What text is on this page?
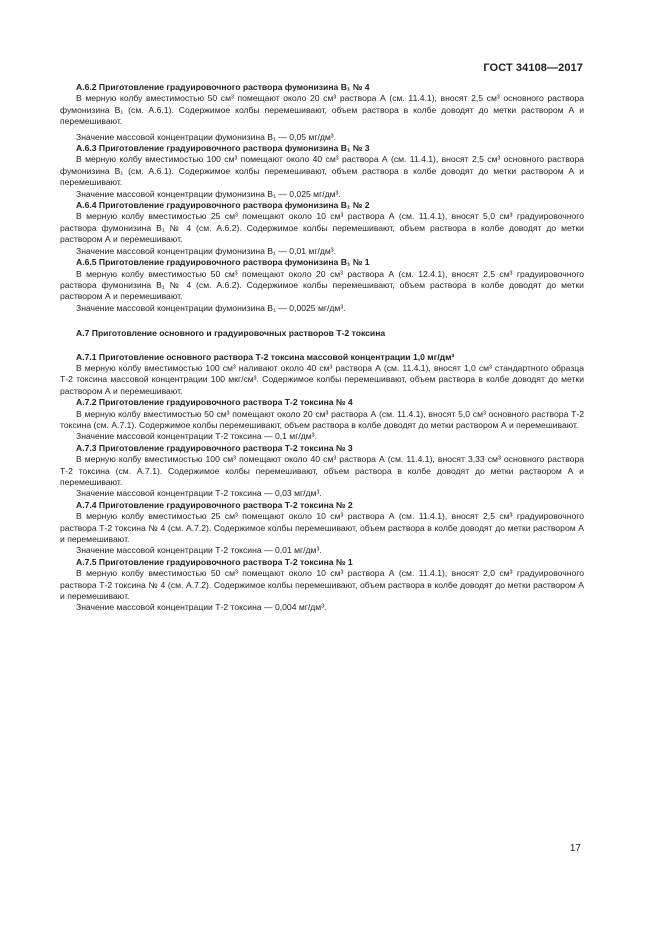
ГОСТ 34108—2017
А.6.2 Приготовление градуировочного раствора фумонизина В₁ № 4
В мерную колбу вместимостью 50 см³ помещают около 20 см³ раствора А (см. 11.4.1), вносят 2,5 см³ основного раствора фумонизина В₁ (см. А.6.1). Содержимое колбы перемешивают, объем раствора в колбе доводят до метки раствором А и перемешивают.
Значение массовой концентрации фумонизина В₁ — 0,05 мг/дм³.
А.6.3 Приготовление градуировочного раствора фумонизина В₁ № 3
В мерную колбу вместимостью 100 см³ помещают около 40 см³ раствора А (см. 11.4.1), вносят 2,5 см³ основного раствора фумонизина В₁ (см. А.6.1). Содержимое колбы перемешивают, объем раствора в колбе доводят до метки раствором А и перемешивают.
Значение массовой концентрации фумонизина В₁ — 0,025 мг/дм³.
А.6.4 Приготовление градуировочного раствора фумонизина В₁ № 2
В мерную колбу вместимостью 25 см³ помещают около 10 см³ раствора А (см. 11.4.1), вносят 5,0 см³ градуировочного раствора фумонизина В₁ № 4 (см. А.6.2). Содержимое колбы перемешивают, объем раствора в колбе доводят до метки раствором А и перемешивают.
Значение массовой концентрации фумонизина В₁ — 0,01 мг/дм³.
А.6.5 Приготовление градуировочного раствора фумонизина В₁ № 1
В мерную колбу вместимостью 50 см³ помещают около 20 см³ раствора А (см. 12.4.1), вносят 2,5 см³ градуировочного раствора фумонизина В₁ № 4 (см. А.6.2). Содержимое колбы перемешивают, объем раствора в колбе доводят до метки раствором А и перемешивают.
Значение массовой концентрации фумонизина В₁ — 0,0025 мг/дм³.
А.7 Приготовление основного и градуировочных растворов Т-2 токсина
А.7.1 Приготовление основного раствора Т-2 токсина массовой концентрации 1,0 мг/дм³
В мерную колбу вместимостью 100 см³ наливают около 40 см³ раствора А (см. 11.4.1), вносят 1,0 см³ стандартного образца Т-2 токсина массовой концентрации 100 мкг/см³. Содержимое колбы перемешивают, объем раствора в колбе доводят до метки раствором А и перемешивают.
А.7.2 Приготовление градуировочного раствора Т-2 токсина № 4
В мерную колбу вместимостью 50 см³ помещают около 20 см³ раствора А (см. 11.4.1), вносят 5,0 см³ основного раствора Т-2 токсина (см. А.7.1). Содержимое колбы перемешивают, объем раствора в колбе доводят до метки раствором А и перемешивают.
Значение массовой концентрации Т-2 токсина — 0,1 мг/дм³.
А.7.3 Приготовление градуировочного раствора Т-2 токсина № 3
В мерную колбу вместимостью 100 см³ помещают около 40 см³ раствора А (см. 11.4.1), вносят 3,33 см³ основного раствора Т-2 токсина (см. А.7.1). Содержимое колбы перемешивают, объем раствора в колбе доводят до метки раствором А и перемешивают.
Значение массовой концентрации Т-2 токсина — 0,03 мг/дм³.
А.7.4 Приготовление градуировочного раствора Т-2 токсина № 2
В мерную колбу вместимостью 25 см³ помещают около 10 см³ раствора А (см. 11.4.1), вносят 2,5 см³ градуировочного раствора Т-2 токсина № 4 (см. А.7.2). Содержимое колбы перемешивают, объем раствора в колбе доводят до метки раствором А и перемешивают.
Значение массовой концентрации Т-2 токсина — 0,01 мг/дм³.
А.7.5 Приготовление градуировочного раствора Т-2 токсина № 1
В мерную колбу вместимостью 50 см³ помещают около 10 см³ раствора А (см. 11.4.1), вносят 2,0 см³ градуировочного раствора Т-2 токсина № 4 (см. А.7.2). Содержимое колбы перемешивают, объем раствора в колбе доводят до метки раствором А и перемешивают.
Значение массовой концентрации Т-2 токсина — 0,004 мг/дм³.
17
